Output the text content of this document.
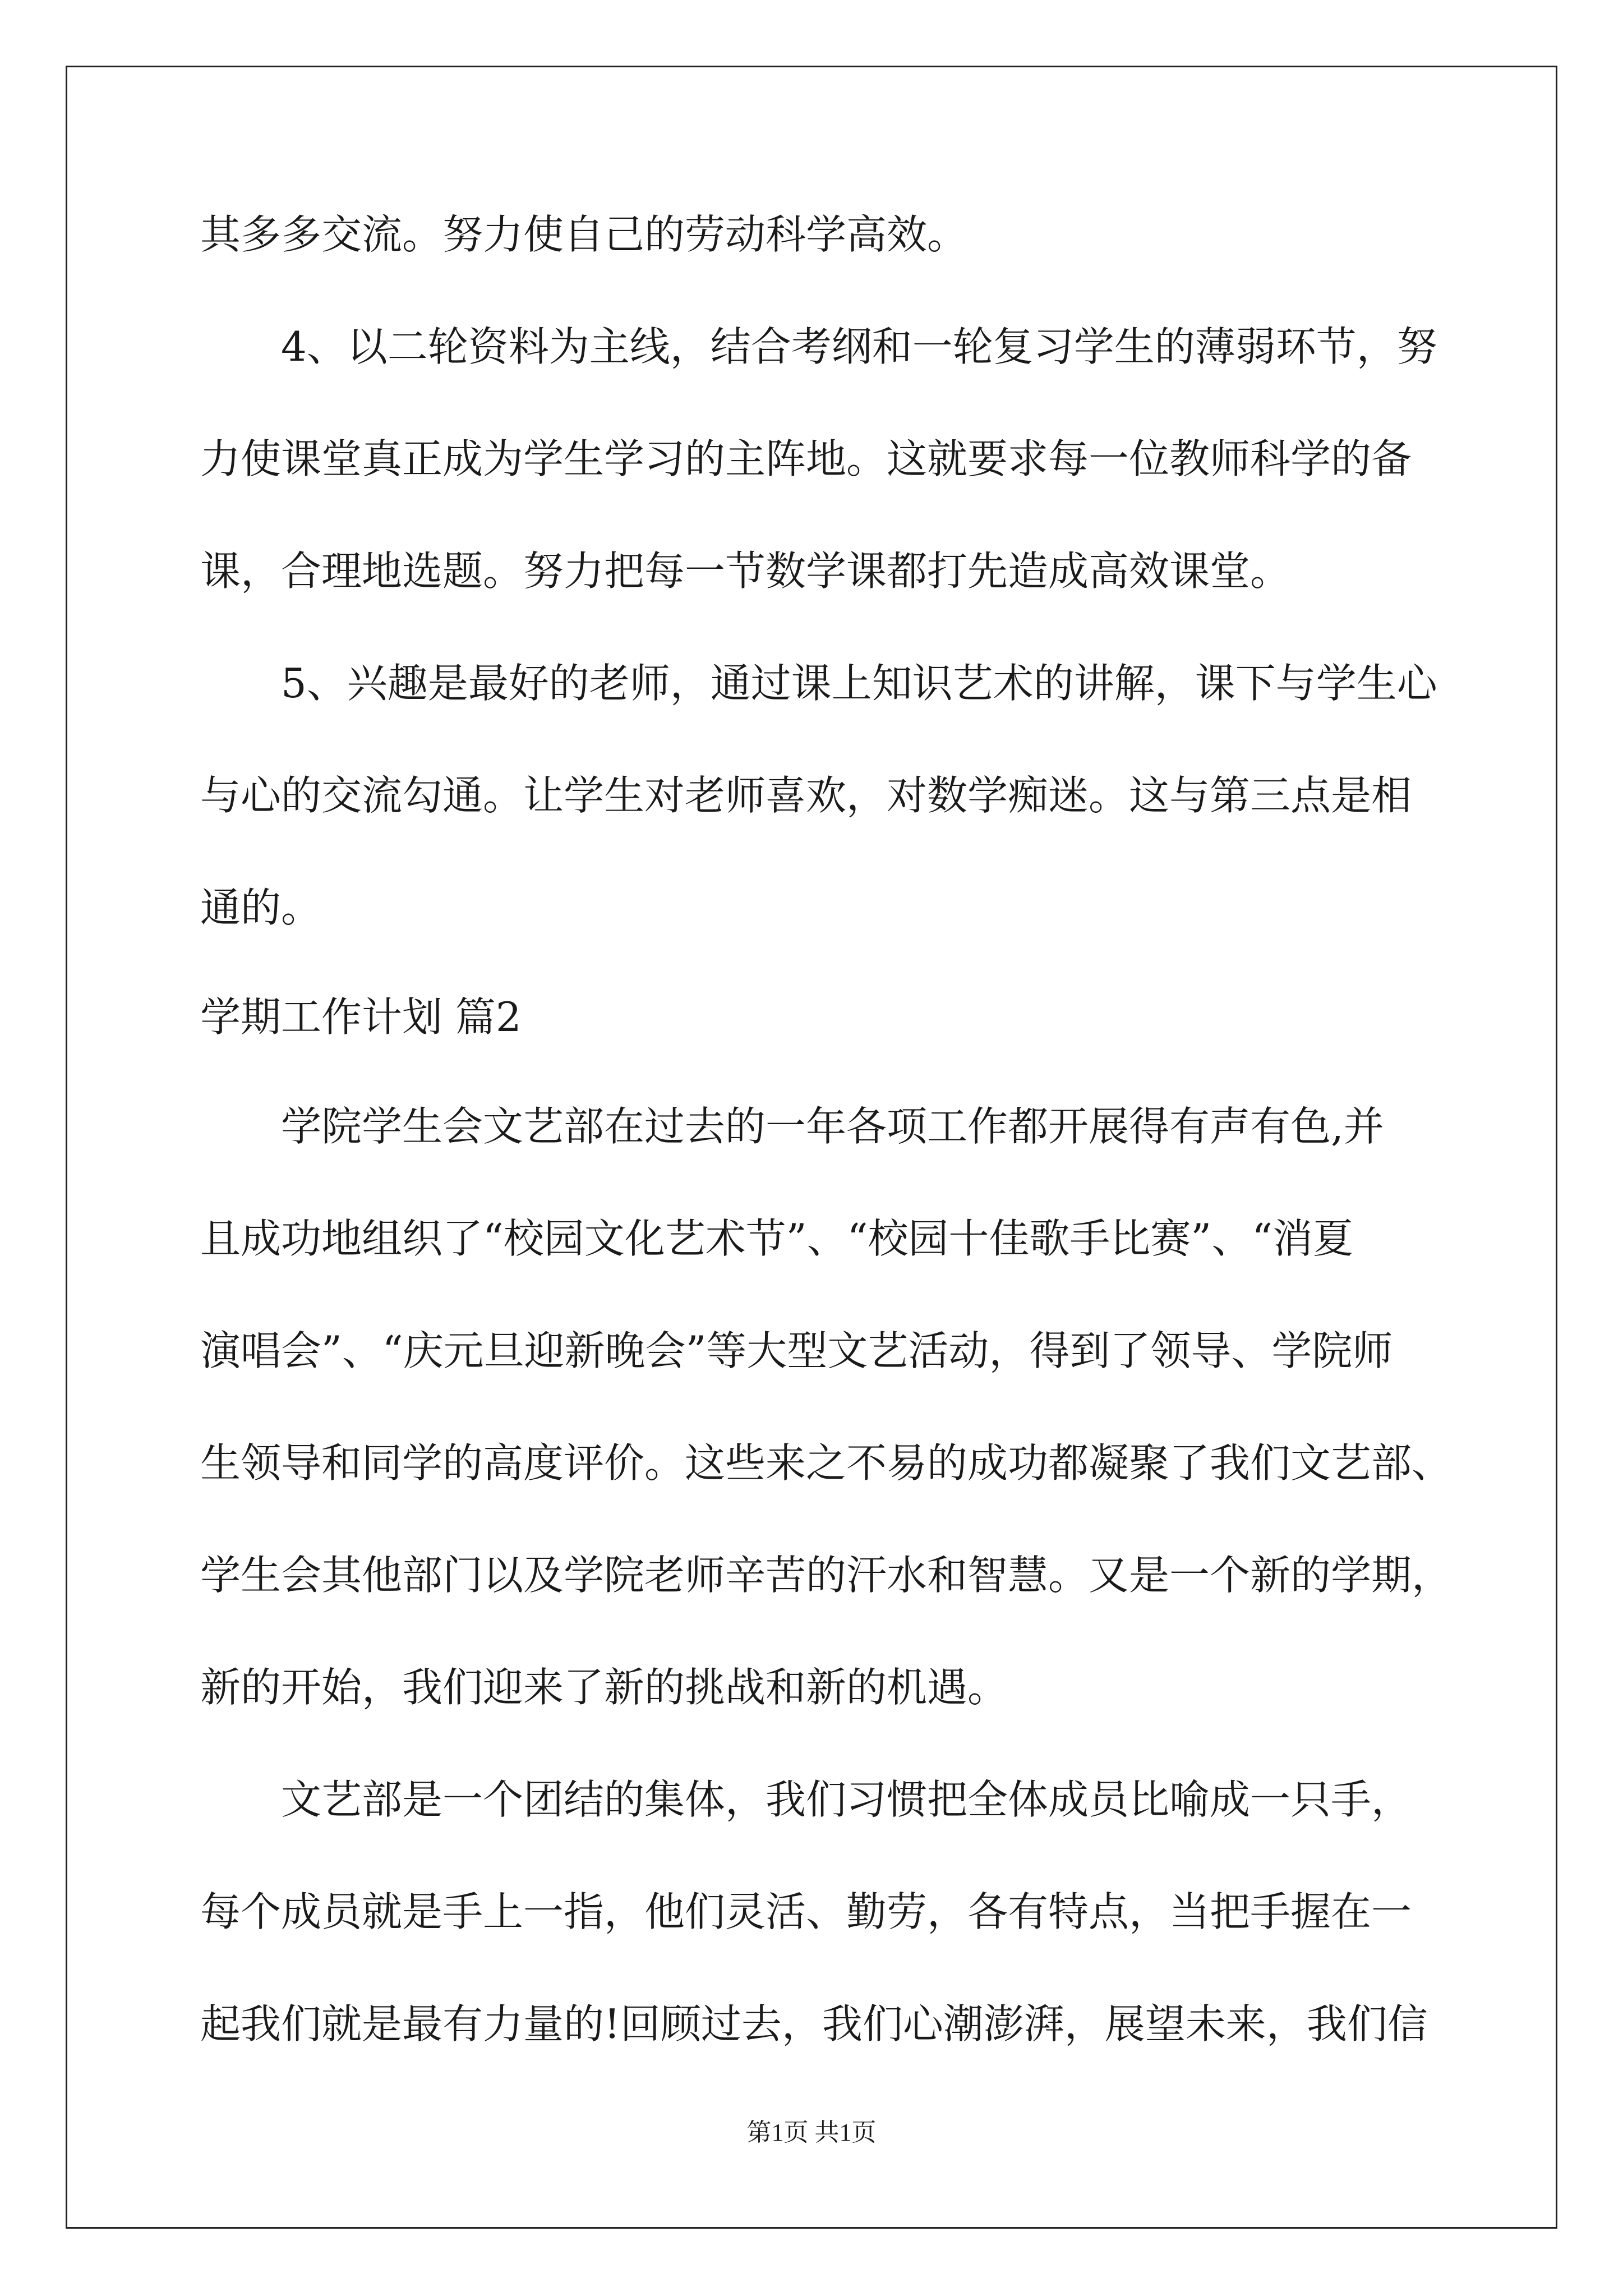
其多多交流。努力使自己的劳动科学高效。
4、以二轮资料为主线，结合考纲和一轮复习学生的薄弱环节，努
力使课堂真正成为学生学习的主阵地。这就要求每一位教师科学的备
课，合理地选题。努力把每一节数学课都打先造成高效课堂。
5、兴趣是最好的老师，通过课上知识艺术的讲解，课下与学生心
与心的交流勾通。让学生对老师喜欢，对数学痴迷。这与第三点是相
通的。
学期工作计划 篇2
学院学生会文艺部在过去的一年各项工作都开展得有声有色,并
且成功地组织了“校园文化艺术节”、“校园十佳歌手比赛”、“消夏
演唱会”、“庆元旦迎新晚会”等大型文艺活动，得到了领导、学院师
生领导和同学的高度评价。这些来之不易的成功都凝聚了我们文艺部、
学生会其他部门以及学院老师辛苦的汗水和智慧。又是一个新的学期，
新的开始，我们迎来了新的挑战和新的机遇。
文艺部是一个团结的集体，我们习惯把全体成员比喻成一只手，
每个成员就是手上一指，他们灵活、勤劳，各有特点，当把手握在一
起我们就是最有力量的!回顾过去，我们心潮澎湃，展望未来，我们信
第1页 共1页
